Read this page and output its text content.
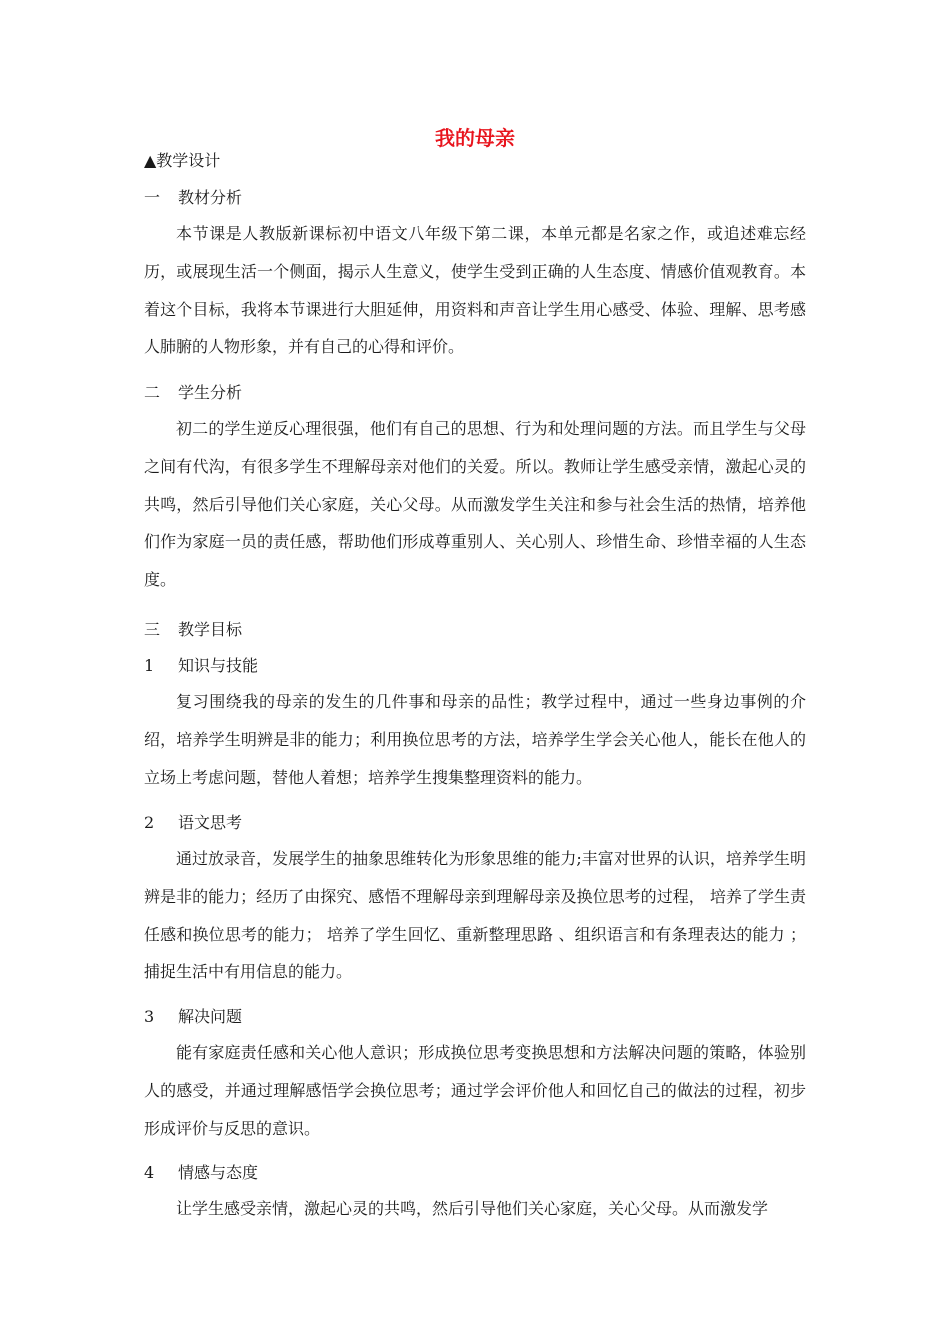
我的母亲
▲教学设计
一 教材分析
本节课是人教版新课标初中语文八年级下第二课，本单元都是名家之作，或追述难忘经历，或展现生活一个侧面，揭示人生意义，使学生受到正确的人生态度、情感价值观教育。本着这个目标，我将本节课进行大胆延伸，用资料和声音让学生用心感受、体验、理解、思考感人肺腑的人物形象，并有自己的心得和评价。
二 学生分析
初二的学生逆反心理很强，他们有自己的思想、行为和处理问题的方法。而且学生与父母之间有代沟，有很多学生不理解母亲对他们的关爱。所以。教师让学生感受亲情，激起心灵的共鸣，然后引导他们关心家庭，关心父母。从而激发学生关注和参与社会生活的热情，培养他们作为家庭一员的责任感，帮助他们形成尊重别人、关心别人、珍惜生命、珍惜幸福的人生态度。
三 教学目标
1 知识与技能
复习围绕我的母亲的发生的几件事和母亲的品性；教学过程中，通过一些身边事例的介绍，培养学生明辨是非的能力；利用换位思考的方法，培养学生学会关心他人，能长在他人的立场上考虑问题，替他人着想；培养学生搜集整理资料的能力。
2 语文思考
通过放录音，发展学生的抽象思维转化为形象思维的能力;丰富对世界的认识，培养学生明辨是非的能力；经历了由探究、感悟不理解母亲到理解母亲及换位思考的过程， 培养了学生责任感和换位思考的能力； 培养了学生回忆、重新整理思路 、组织语言和有条理表达的能力 ；捕捉生活中有用信息的能力。
3 解决问题
能有家庭责任感和关心他人意识；形成换位思考变换思想和方法解决问题的策略，体验别人的感受，并通过理解感悟学会换位思考；通过学会评价他人和回忆自己的做法的过程，初步形成评价与反思的意识。
4 情感与态度
让学生感受亲情，激起心灵的共鸣，然后引导他们关心家庭，关心父母。从而激发学
